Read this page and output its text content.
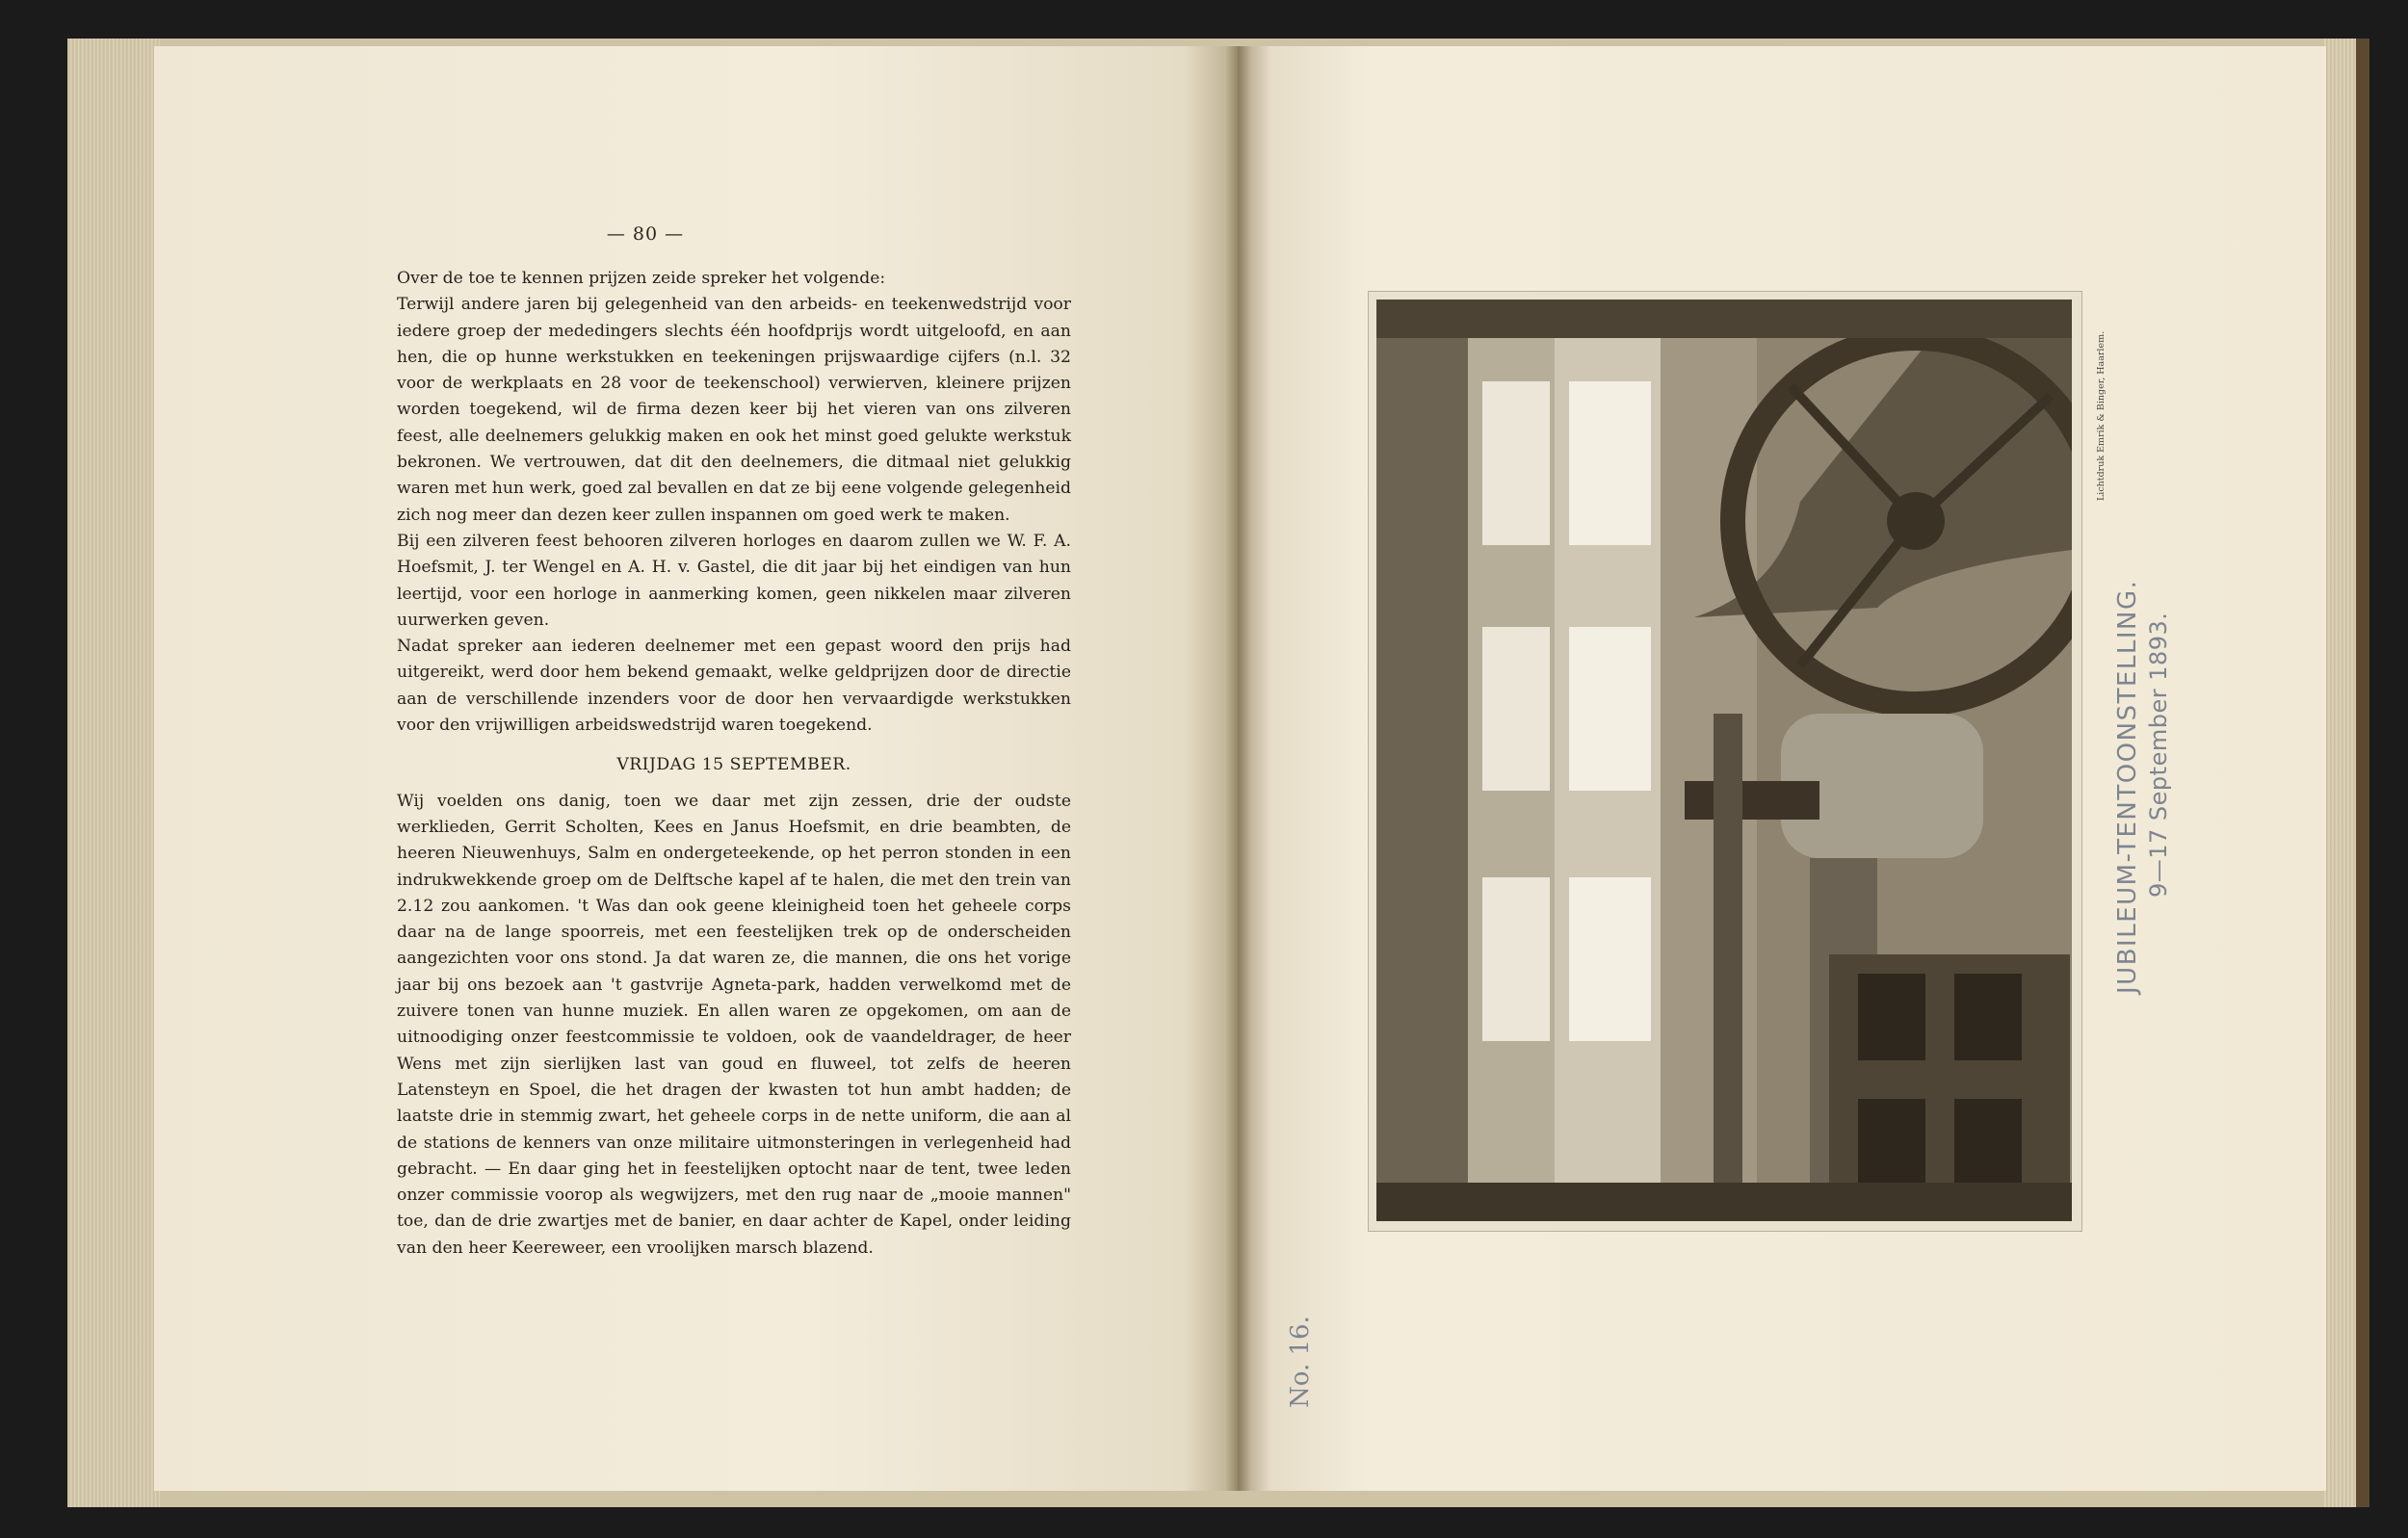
— 80 —

Over de toe te kennen prijzen zeide spreker het volgende:

Terwijl andere jaren bij gelegenheid van den arbeids- en teekenwedstrijd voor iedere groep der mededingers slechts één hoofdprijs wordt uitgeloofd, en aan hen, die op hunne werkstukken en teekeningen prijswaardige cijfers (n.l. 32 voor de werkplaats en 28 voor de teekenschool) verwierven, kleinere prijzen worden toegekend, wil de firma dezen keer bij het vieren van ons zilveren feest, alle deelnemers gelukkig maken en ook het minst goed gelukte werkstuk bekronen. We vertrouwen, dat dit den deelnemers, die ditmaal niet gelukkig waren met hun werk, goed zal bevallen en dat ze bij eene volgende gelegenheid zich nog meer dan dezen keer zullen inspannen om goed werk te maken.

Bij een zilveren feest behooren zilveren horloges en daarom zullen we W. F. A. Hoefsmit, J. ter Wengel en A. H. v. Gastel, die dit jaar bij het eindigen van hun leertijd, voor een horloge in aanmerking komen, geen nikkelen maar zilveren uurwerken geven.

Nadat spreker aan iederen deelnemer met een gepast woord den prijs had uitgereikt, werd door hem bekend gemaakt, welke geldprijzen door de directie aan de verschillende inzenders voor de door hen vervaardigde werkstukken voor den vrijwilligen arbeidswedstrijd waren toegekend.

VRIJDAG 15 SEPTEMBER.

Wij voelden ons danig, toen we daar met zijn zessen, drie der oudste werklieden, Gerrit Scholten, Kees en Janus Hoefsmit, en drie beambten, de heeren Nieuwenhuys, Salm en ondergeteekende, op het perron stonden in een indrukwekkende groep om de Delftsche kapel af te halen, die met den trein van 2.12 zou aankomen. 't Was dan ook geene kleinigheid toen het geheele corps daar na de lange spoorreis, met een feestelijken trek op de onderscheiden aangezichten voor ons stond. Ja dat waren ze, die mannen, die ons het vorige jaar bij ons bezoek aan 't gastvrije Agneta-park, hadden verwelkomd met de zuivere tonen van hunne muziek. En allen waren ze opgekomen, om aan de uitnoodiging onzer feestcommissie te voldoen, ook de vaandeldrager, de heer Wens met zijn sierlijken last van goud en fluweel, tot zelfs de heeren Latensteyn en Spoel, die het dragen der kwasten tot hun ambt hadden; de laatste drie in stemmig zwart, het geheele corps in de nette uniform, die aan al de stations de kenners van onze militaire uitmonsteringen in verlegenheid had gebracht. — En daar ging het in feestelijken optocht naar de tent, twee leden onzer commissie voorop als wegwijzers, met den rug naar de „mooie mannen" toe, dan de drie zwartjes met de banier, en daar achter de Kapel, onder leiding van den heer Keereweer, een vroolijken marsch blazend.

Lichtdruk Emrik & Binger, Haarlem.
JUBILEUM-TENTOONSTELLING. 9—17 September 1893.
No. 16.
